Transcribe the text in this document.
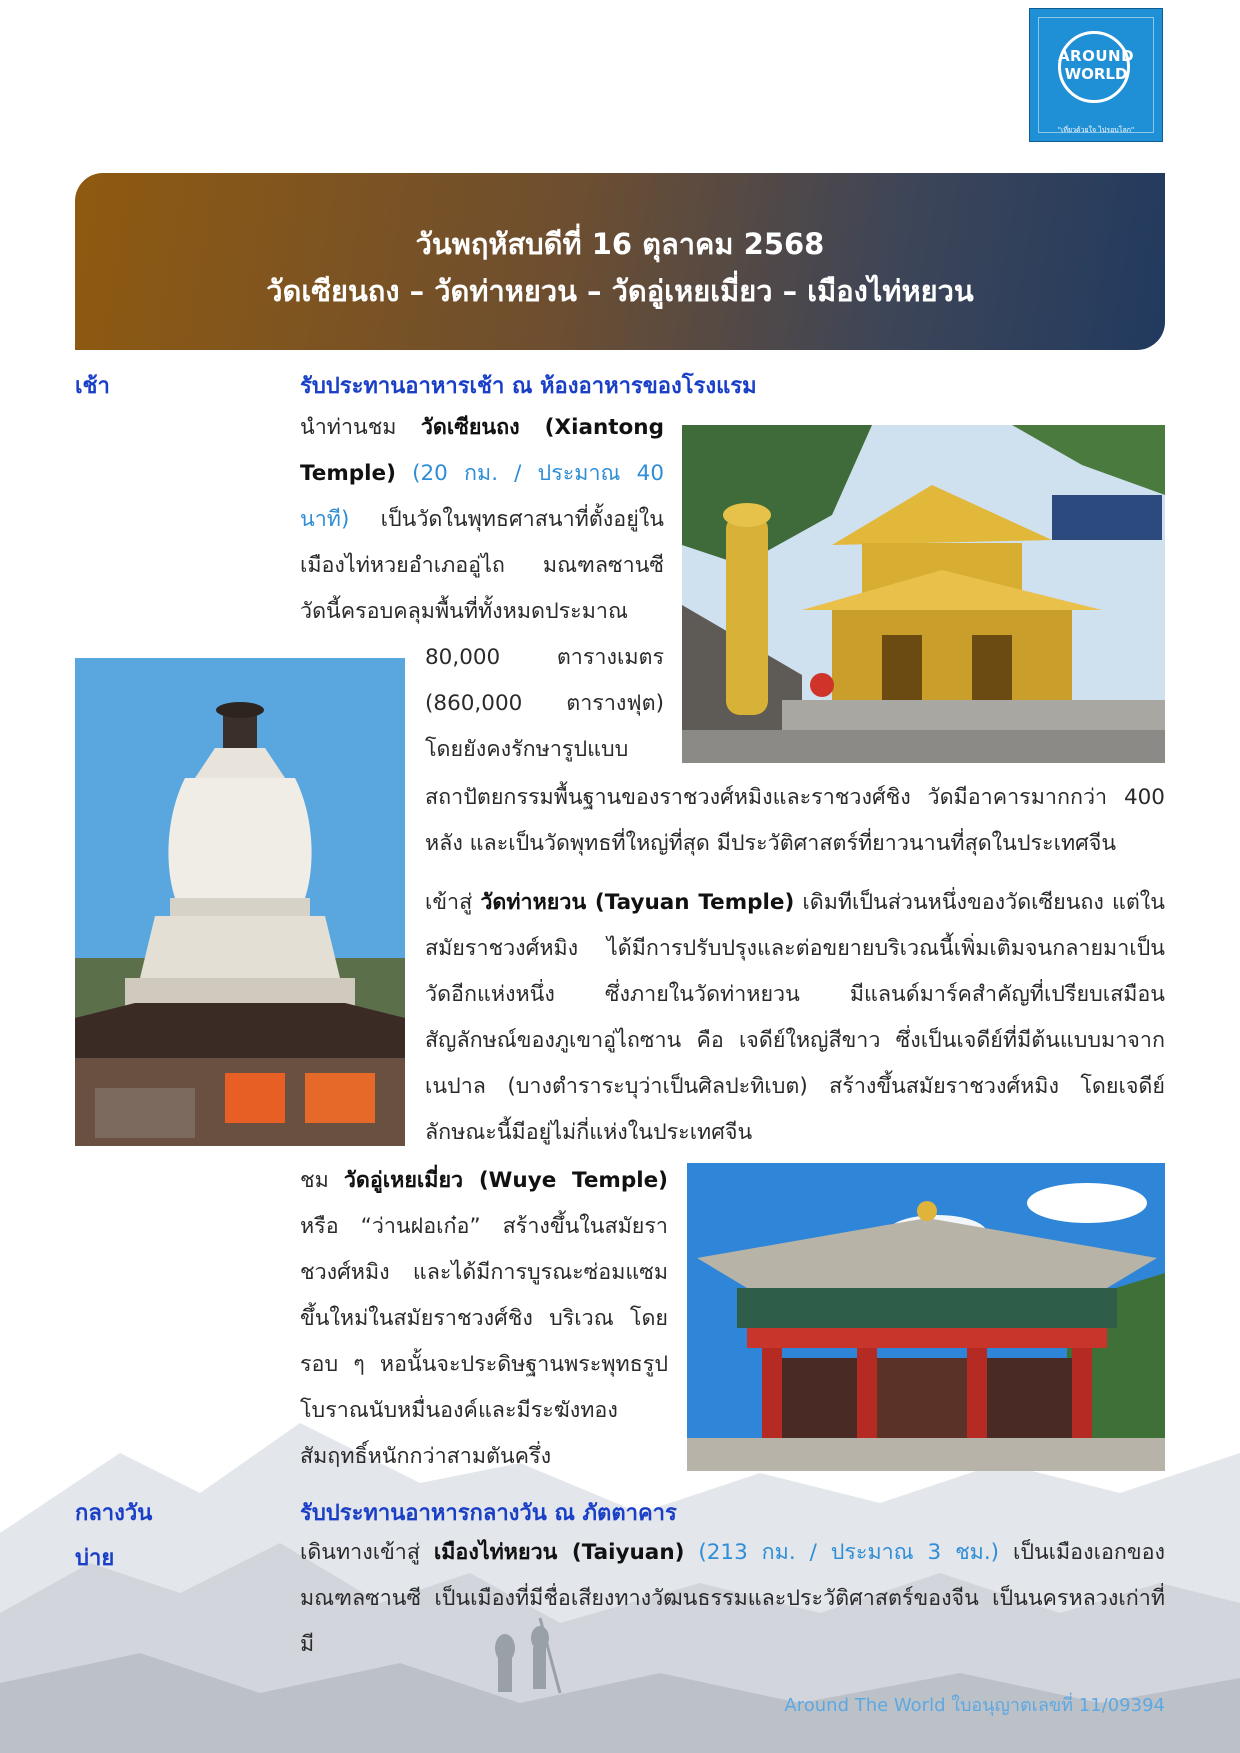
AROUND
WORLD
"เที่ยวด้วยใจ ไปรอบโลก"
วันพฤหัสบดีที่ 16 ตุลาคม 2568
วัดเซียนถง – วัดท่าหยวน – วัดอู่เหยเมี่ยว – เมืองไท่หยวน
เช้า	รับประทานอาหารเช้า ณ ห้องอาหารของโรงแรม

นำท่านชม วัดเซียนถง (Xiantong Temple) (20 กม. / ประมาณ 40 นาที) เป็นวัดในพุทธศาสนาที่ตั้งอยู่ในเมืองไท่หวยอำเภออู่ไถ มณฑลซานซี วัดนี้ครอบคลุมพื้นที่ทั้งหมดประมาณ

80,000 ตารางเมตร (860,000 ตารางฟุต) โดยยังคงรักษารูปแบบ

สถาปัตยกรรมพื้นฐานของราชวงศ์หมิงและราชวงศ์ชิง วัดมีอาคารมากกว่า 400 หลัง และเป็นวัดพุทธที่ใหญ่ที่สุด มีประวัติศาสตร์ที่ยาวนานที่สุดในประเทศจีน

เข้าสู่ วัดท่าหยวน (Tayuan Temple) เดิมทีเป็นส่วนหนึ่งของวัดเซียนถง แต่ในสมัยราชวงศ์หมิง ได้มีการปรับปรุงและต่อขยายบริเวณนี้เพิ่มเติมจนกลายมาเป็นวัดอีกแห่งหนึ่ง ซึ่งภายในวัดท่าหยวน มีแลนด์มาร์คสำคัญที่เปรียบเสมือนสัญลักษณ์ของภูเขาอู่ไถซาน คือ เจดีย์ใหญ่สีขาว ซึ่งเป็นเจดีย์ที่มีต้นแบบมาจากเนปาล (บางตำราระบุว่าเป็นศิลปะทิเบต) สร้างขึ้นสมัยราชวงศ์หมิง โดยเจดีย์ลักษณะนี้มีอยู่ไม่กี่แห่งในประเทศจีน

ชม วัดอู่เหยเมี่ยว (Wuye Temple) หรือ “ว่านฝอเก๋อ” สร้างขึ้นในสมัยราชวงศ์หมิง และได้มีการบูรณะซ่อมแซมขึ้นใหม่ในสมัยราชวงศ์ชิง บริเวณ โดยรอบ ๆ หอนั้นจะประดิษฐานพระพุทธรูปโบราณนับหมื่นองค์และมีระฆังทองสัมฤทธิ์หนักกว่าสามตันครึ่ง

กลางวัน	รับประทานอาหารกลางวัน ณ ภัตตาคาร
บ่าย	เดินทางเข้าสู่ เมืองไท่หยวน (Taiyuan) (213 กม. / ประมาณ 3 ชม.) เป็นเมืองเอกของมณฑลซานซี เป็นเมืองที่มีชื่อเสียงทางวัฒนธรรมและประวัติศาสตร์ของจีน เป็นนครหลวงเก่าที่มี

Around The World ใบอนุญาตเลขที่ 11/09394
